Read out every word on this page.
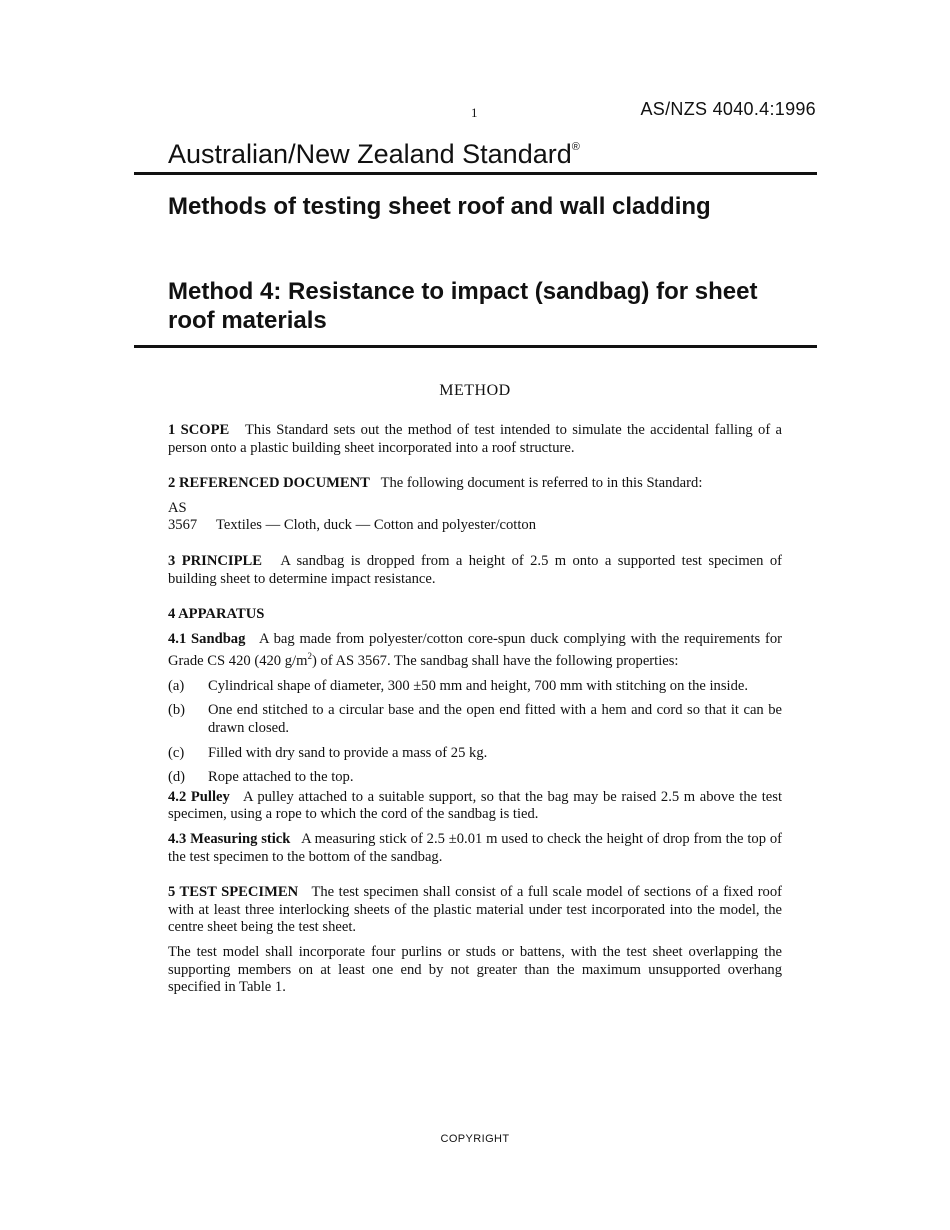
1	AS/NZS 4040.4:1996
Australian/New Zealand Standard®
Methods of testing sheet roof and wall cladding
Method 4: Resistance to impact (sandbag) for sheet roof materials
METHOD

1 SCOPE This Standard sets out the method of test intended to simulate the accidental falling of a person onto a plastic building sheet incorporated into a roof structure.

2 REFERENCED DOCUMENT The following document is referred to in this Standard:

AS

3567 Textiles — Cloth, duck — Cotton and polyester/cotton

3 PRINCIPLE A sandbag is dropped from a height of 2.5 m onto a supported test specimen of building sheet to determine impact resistance.

4 APPARATUS

4.1 Sandbag A bag made from polyester/cotton core-spun duck complying with the requirements for Grade CS 420 (420 $g/m^2$) of AS 3567. The sandbag shall have the following properties:

(a)	Cylindrical shape of diameter, 300 ±50 mm and height, 700 mm with stitching on the inside.
(b)	One end stitched to a circular base and the open end fitted with a hem and cord so that it can be drawn closed.
(c)	Filled with dry sand to provide a mass of 25 kg.
(d)	Rope attached to the top.

4.2 Pulley A pulley attached to a suitable support, so that the bag may be raised 2.5 m above the test specimen, using a rope to which the cord of the sandbag is tied.

4.3 Measuring stick A measuring stick of 2.5 ±0.01 m used to check the height of drop from the top of the test specimen to the bottom of the sandbag.

5 TEST SPECIMEN The test specimen shall consist of a full scale model of sections of a fixed roof with at least three interlocking sheets of the plastic material under test incorporated into the model, the centre sheet being the test sheet.

The test model shall incorporate four purlins or studs or battens, with the test sheet overlapping the supporting members on at least one end by not greater than the maximum unsupported overhang specified in Table 1.

COPYRIGHT
